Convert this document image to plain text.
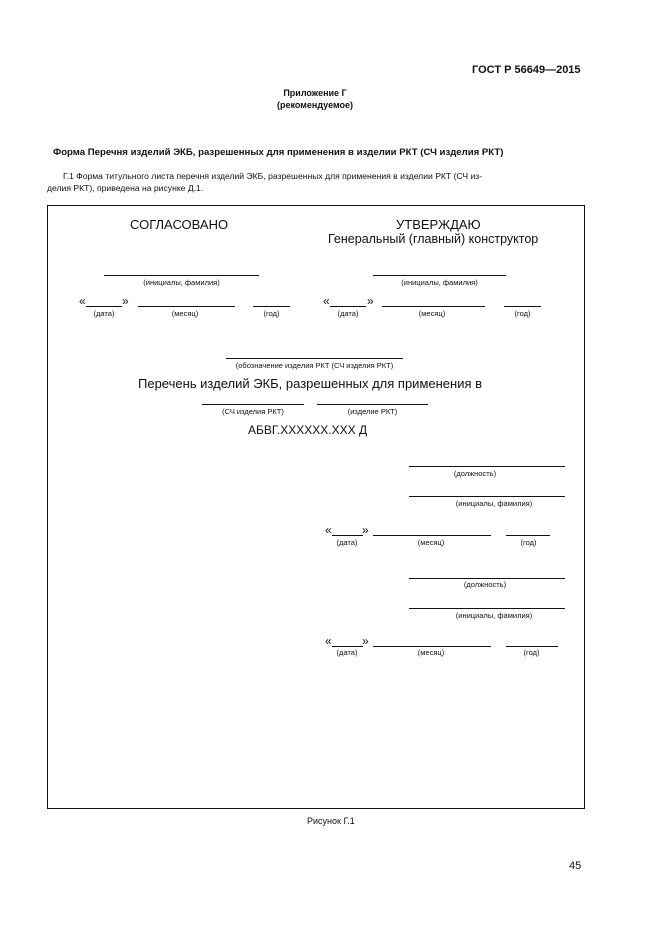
ГОСТ Р 56649—2015
Приложение Г
(рекомендуемое)
Форма Перечня изделий ЭКБ, разрешенных для применения в изделии РКТ (СЧ изделия РКТ)
Г.1 Форма титульного листа перечня изделий ЭКБ, разрешенных для применения в изделии РКТ (СЧ из-
делия РКТ), приведена на рисунке Д.1.
СОГЛАСОВАНО	УТВЕРЖДАЮ
Генеральный (главный) конструктор
(инициалы, фамилия)
«	»
(дата)	(месяц)	(год)
(инициалы, фамилия)
«	»
(дата)	(месяц)	(год)
(обозначение изделия РКТ (СЧ изделия РКТ)
Перечень изделий ЭКБ, разрешенных для применения в
(СЧ изделия РКТ)	(изделие РКТ)
АБВГ.XXXXXX.XXX Д
(должность)
(инициалы, фамилия)
«	»
(дата)	(месяц)	(год)
(должность)
(инициалы, фамилия)
«	»
(дата)	(месяц)	(год)
Рисунок Г.1
45
